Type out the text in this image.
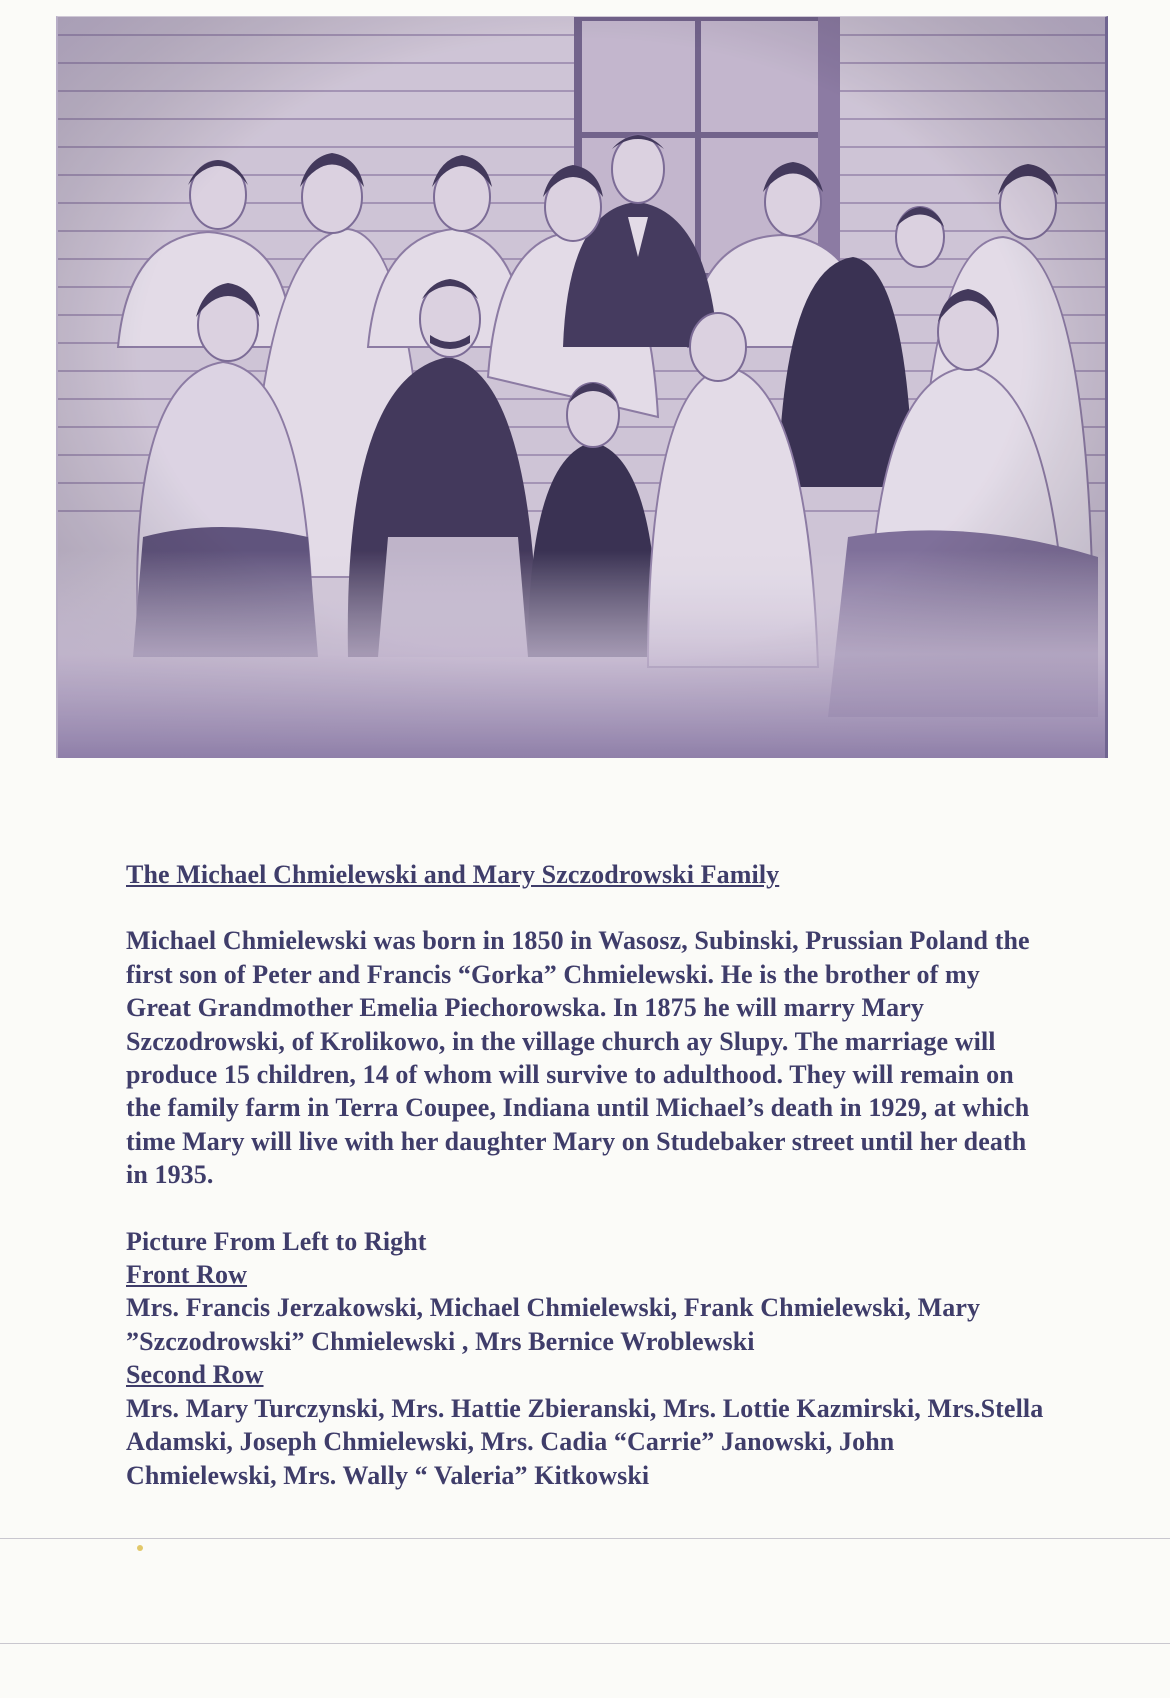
The Michael Chmielewski and Mary Szczodrowski Family

Michael Chmielewski was born in 1850 in Wasosz, Subinski, Prussian Poland the first son of Peter and Francis “Gorka” Chmielewski. He is the brother of my Great Grandmother Emelia Piechorowska. In 1875 he will marry Mary Szczodrowski, of Krolikowo, in the village church ay Slupy. The marriage will produce 15 children, 14 of whom will survive to adulthood. They will remain on the family farm in Terra Coupee, Indiana until Michael’s death in 1929, at which time Mary will live with her daughter Mary on Studebaker street until her death in 1935.

Picture From Left to Right

Front Row

Mrs. Francis Jerzakowski, Michael Chmielewski, Frank Chmielewski, Mary ”Szczodrowski” Chmielewski , Mrs Bernice Wroblewski

Second Row

Mrs. Mary Turczynski, Mrs. Hattie Zbieranski, Mrs. Lottie Kazmirski, Mrs.Stella Adamski, Joseph Chmielewski, Mrs. Cadia “Carrie” Janowski, John Chmielewski, Mrs. Wally “ Valeria” Kitkowski
